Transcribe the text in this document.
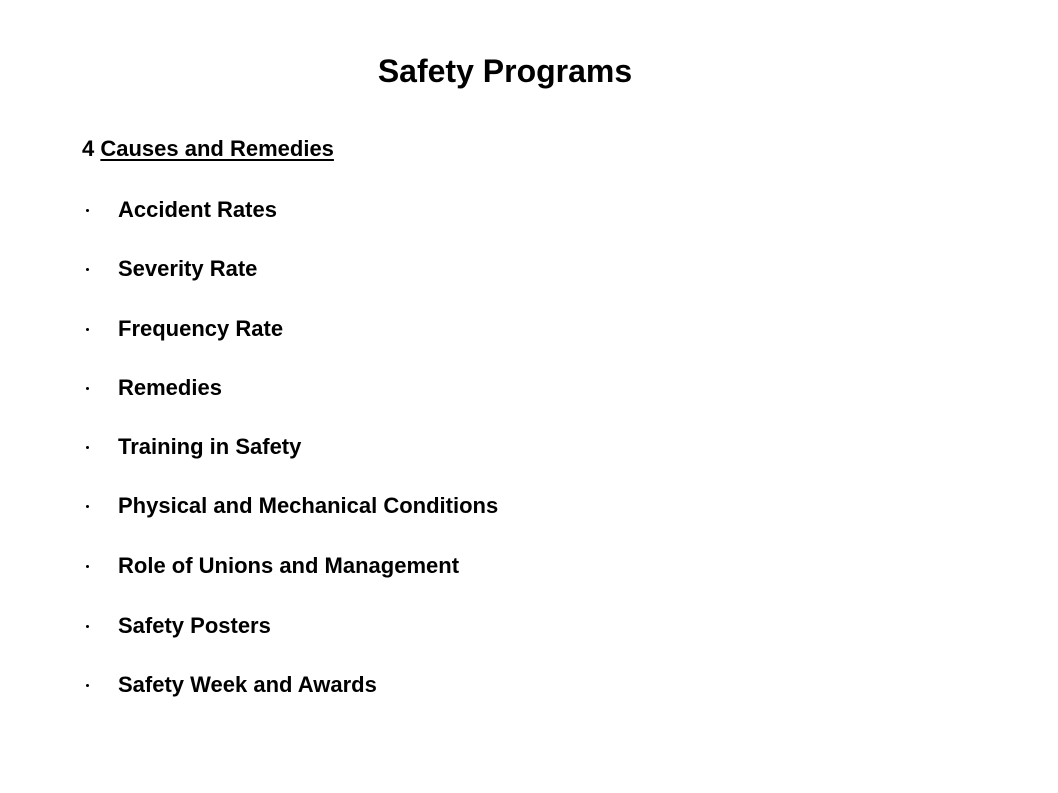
Safety Programs

4 Causes and Remedies

Accident Rates
Severity Rate
Frequency Rate
Remedies
Training in Safety
Physical and Mechanical Conditions
Role of Unions and Management
Safety Posters
Safety Week and Awards
